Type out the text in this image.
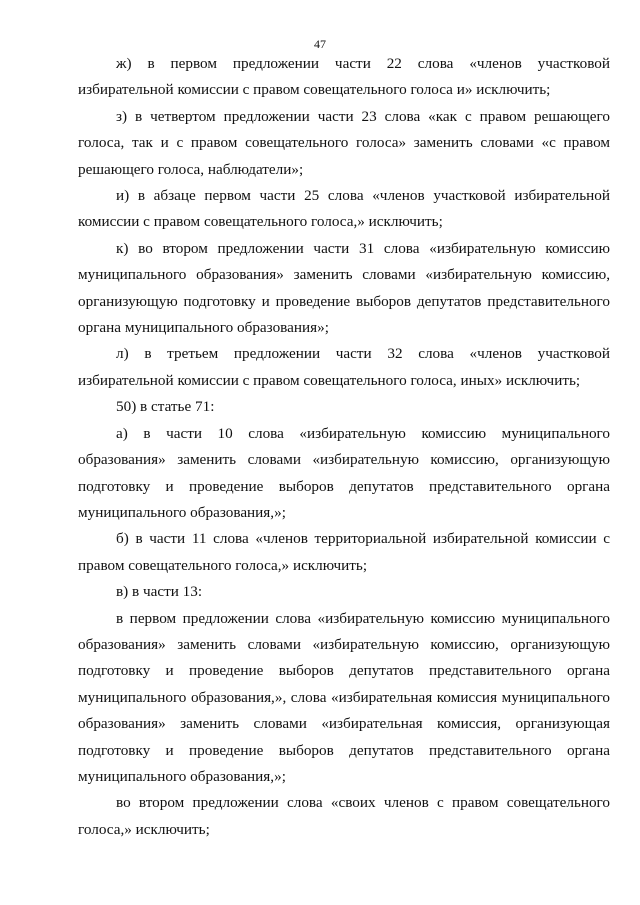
47

ж) в первом предложении части 22 слова «членов участковой избирательной комиссии с правом совещательного голоса и» исключить;

з) в четвертом предложении части 23 слова «как с правом решающего голоса, так и с правом совещательного голоса» заменить словами «с правом решающего голоса, наблюдатели»;

и) в абзаце первом части 25 слова «членов участковой избирательной комиссии с правом совещательного голоса,» исключить;

к) во втором предложении части 31 слова «избирательную комиссию муниципального образования» заменить словами «избирательную комиссию, организующую подготовку и проведение выборов депутатов представительного органа муниципального образования»;

л) в третьем предложении части 32 слова «членов участковой избирательной комиссии с правом совещательного голоса, иных» исключить;

50) в статье 71:

а) в части 10 слова «избирательную комиссию муниципального образования» заменить словами «избирательную комиссию, организующую подготовку и проведение выборов депутатов представительного органа муниципального образования,»;

б) в части 11 слова «членов территориальной избирательной комиссии с правом совещательного голоса,» исключить;

в) в части 13:

в первом предложении слова «избирательную комиссию муниципального образования» заменить словами «избирательную комиссию, организующую подготовку и проведение выборов депутатов представительного органа муниципального образования,», слова «избирательная комиссия муниципального образования» заменить словами «избирательная комиссия, организующая подготовку и проведение выборов депутатов представительного органа муниципального образования,»;

во втором предложении слова «своих членов с правом совещательного голоса,» исключить;
